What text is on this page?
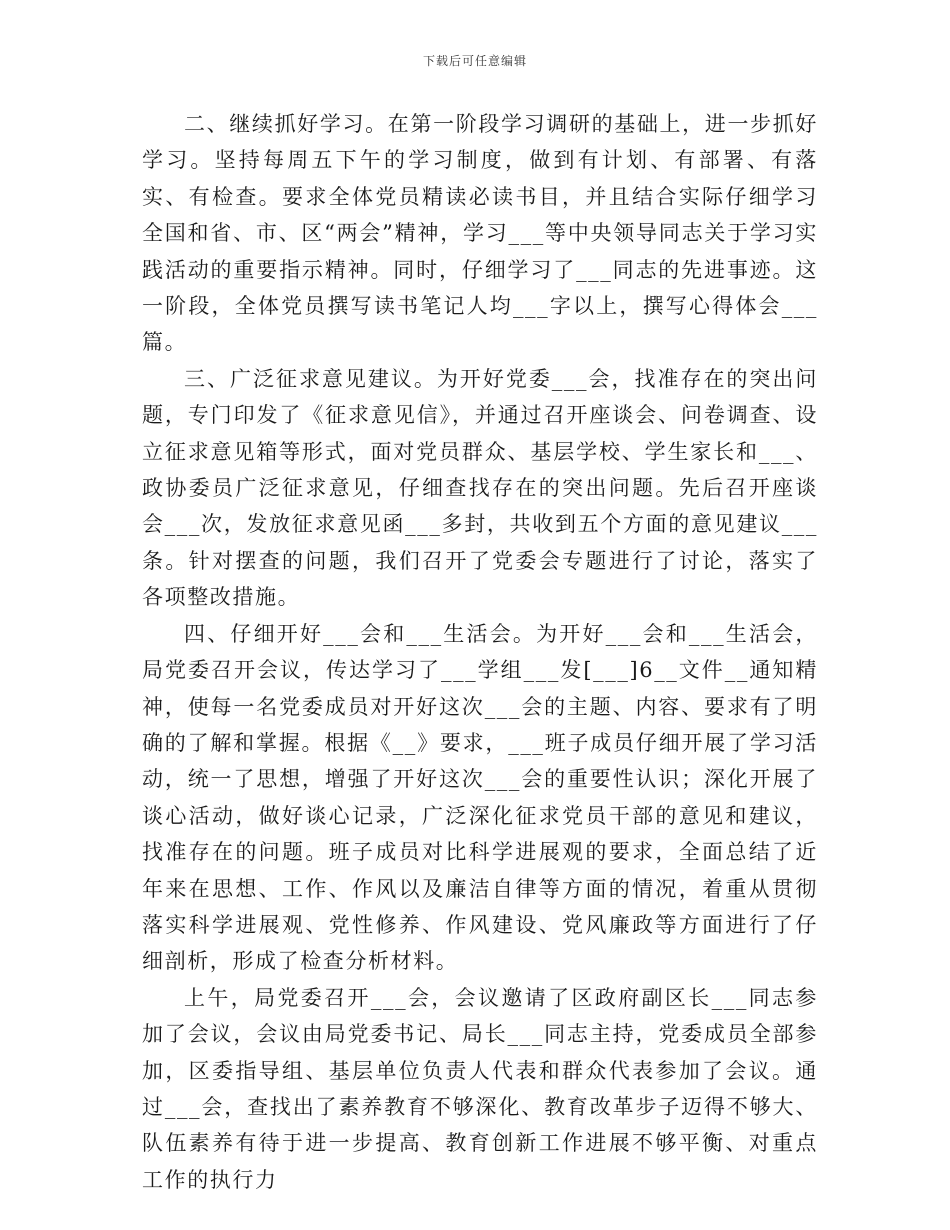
下载后可任意编辑

二、继续抓好学习。在第一阶段学习调研的基础上，进一步抓好学习。坚持每周五下午的学习制度，做到有计划、有部署、有落实、有检查。要求全体党员精读必读书目，并且结合实际仔细学习全国和省、市、区“两会”精神，学习___等中央领导同志关于学习实践活动的重要指示精神。同时，仔细学习了___同志的先进事迹。这一阶段，全体党员撰写读书笔记人均___字以上，撰写心得体会___篇。

三、广泛征求意见建议。为开好党委___会，找准存在的突出问题，专门印发了《征求意见信》，并通过召开座谈会、问卷调查、设立征求意见箱等形式，面对党员群众、基层学校、学生家长和___、政协委员广泛征求意见，仔细查找存在的突出问题。先后召开座谈会___次，发放征求意见函___多封，共收到五个方面的意见建议___条。针对摆查的问题，我们召开了党委会专题进行了讨论，落实了各项整改措施。

四、仔细开好___会和___生活会。为开好___会和___生活会，局党委召开会议，传达学习了___学组___发[___]6__文件__通知精神，使每一名党委成员对开好这次___会的主题、内容、要求有了明确的了解和掌握。根据《__》要求，___班子成员仔细开展了学习活动，统一了思想，增强了开好这次___会的重要性认识；深化开展了谈心活动，做好谈心记录，广泛深化征求党员干部的意见和建议，找准存在的问题。班子成员对比科学进展观的要求，全面总结了近年来在思想、工作、作风以及廉洁自律等方面的情况，着重从贯彻落实科学进展观、党性修养、作风建设、党风廉政等方面进行了仔细剖析，形成了检查分析材料。

上午，局党委召开___会，会议邀请了区政府副区长___同志参加了会议，会议由局党委书记、局长___同志主持，党委成员全部参加，区委指导组、基层单位负责人代表和群众代表参加了会议。通过___会，查找出了素养教育不够深化、教育改革步子迈得不够大、队伍素养有待于进一步提高、教育创新工作进展不够平衡、对重点工作的执行力
